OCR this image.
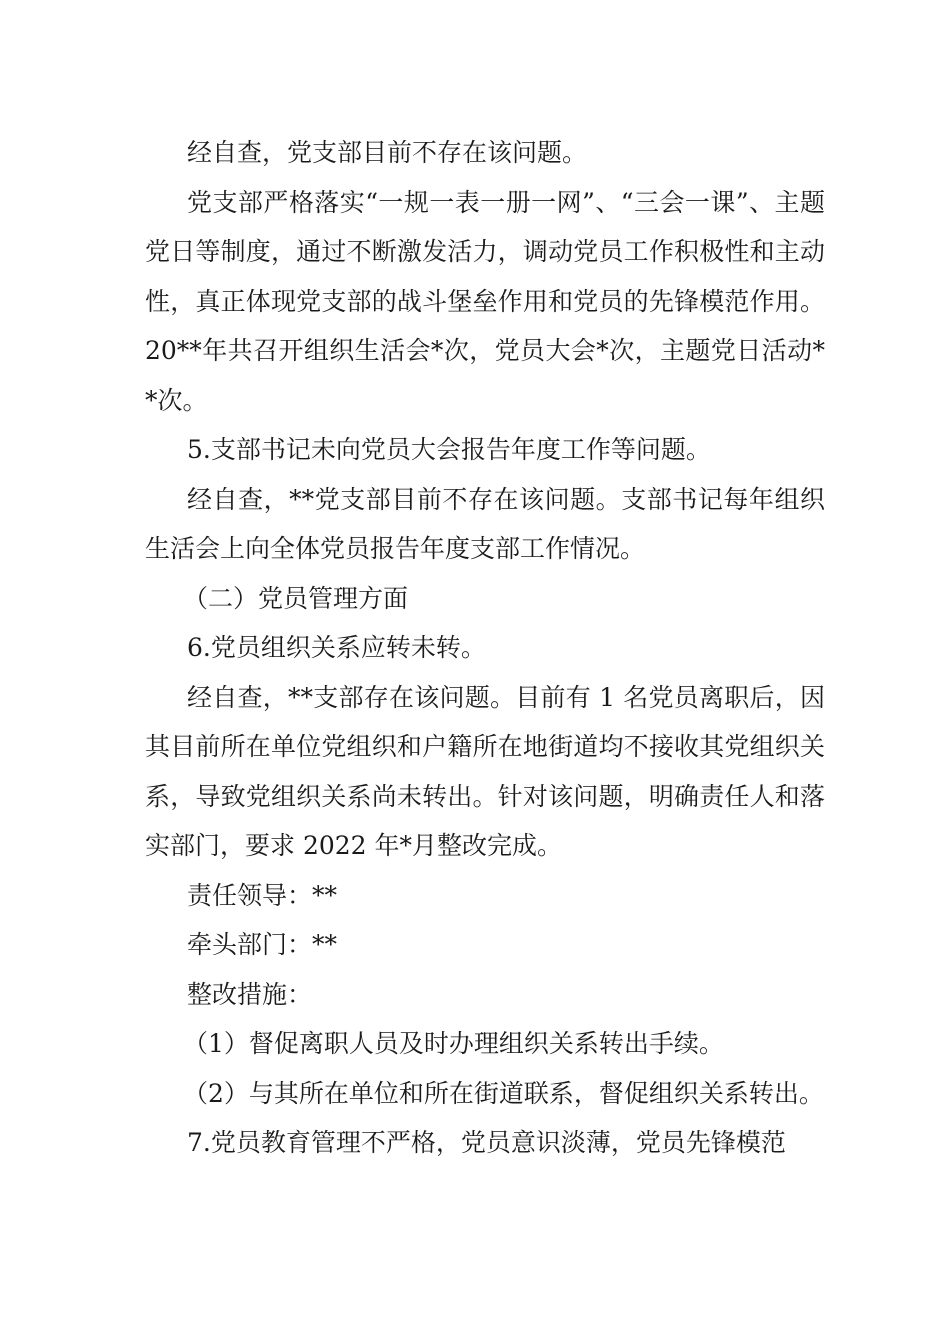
经自查，党支部目前不存在该问题。

党支部严格落实“一规一表一册一网”、“三会一课”、主题党日等制度，通过不断激发活力，调动党员工作积极性和主动性，真正体现党支部的战斗堡垒作用和党员的先锋模范作用。20**年共召开组织生活会*次，党员大会*次，主题党日活动**次。

5.支部书记未向党员大会报告年度工作等问题。

经自查，**党支部目前不存在该问题。支部书记每年组织生活会上向全体党员报告年度支部工作情况。

（二）党员管理方面

6.党员组织关系应转未转。

经自查，**支部存在该问题。目前有 1 名党员离职后，因其目前所在单位党组织和户籍所在地街道均不接收其党组织关系，导致党组织关系尚未转出。针对该问题，明确责任人和落实部门，要求 2022 年*月整改完成。

责任领导：**

牵头部门：**

整改措施：

（1）督促离职人员及时办理组织关系转出手续。

（2）与其所在单位和所在街道联系，督促组织关系转出。

7.党员教育管理不严格，党员意识淡薄，党员先锋模范
